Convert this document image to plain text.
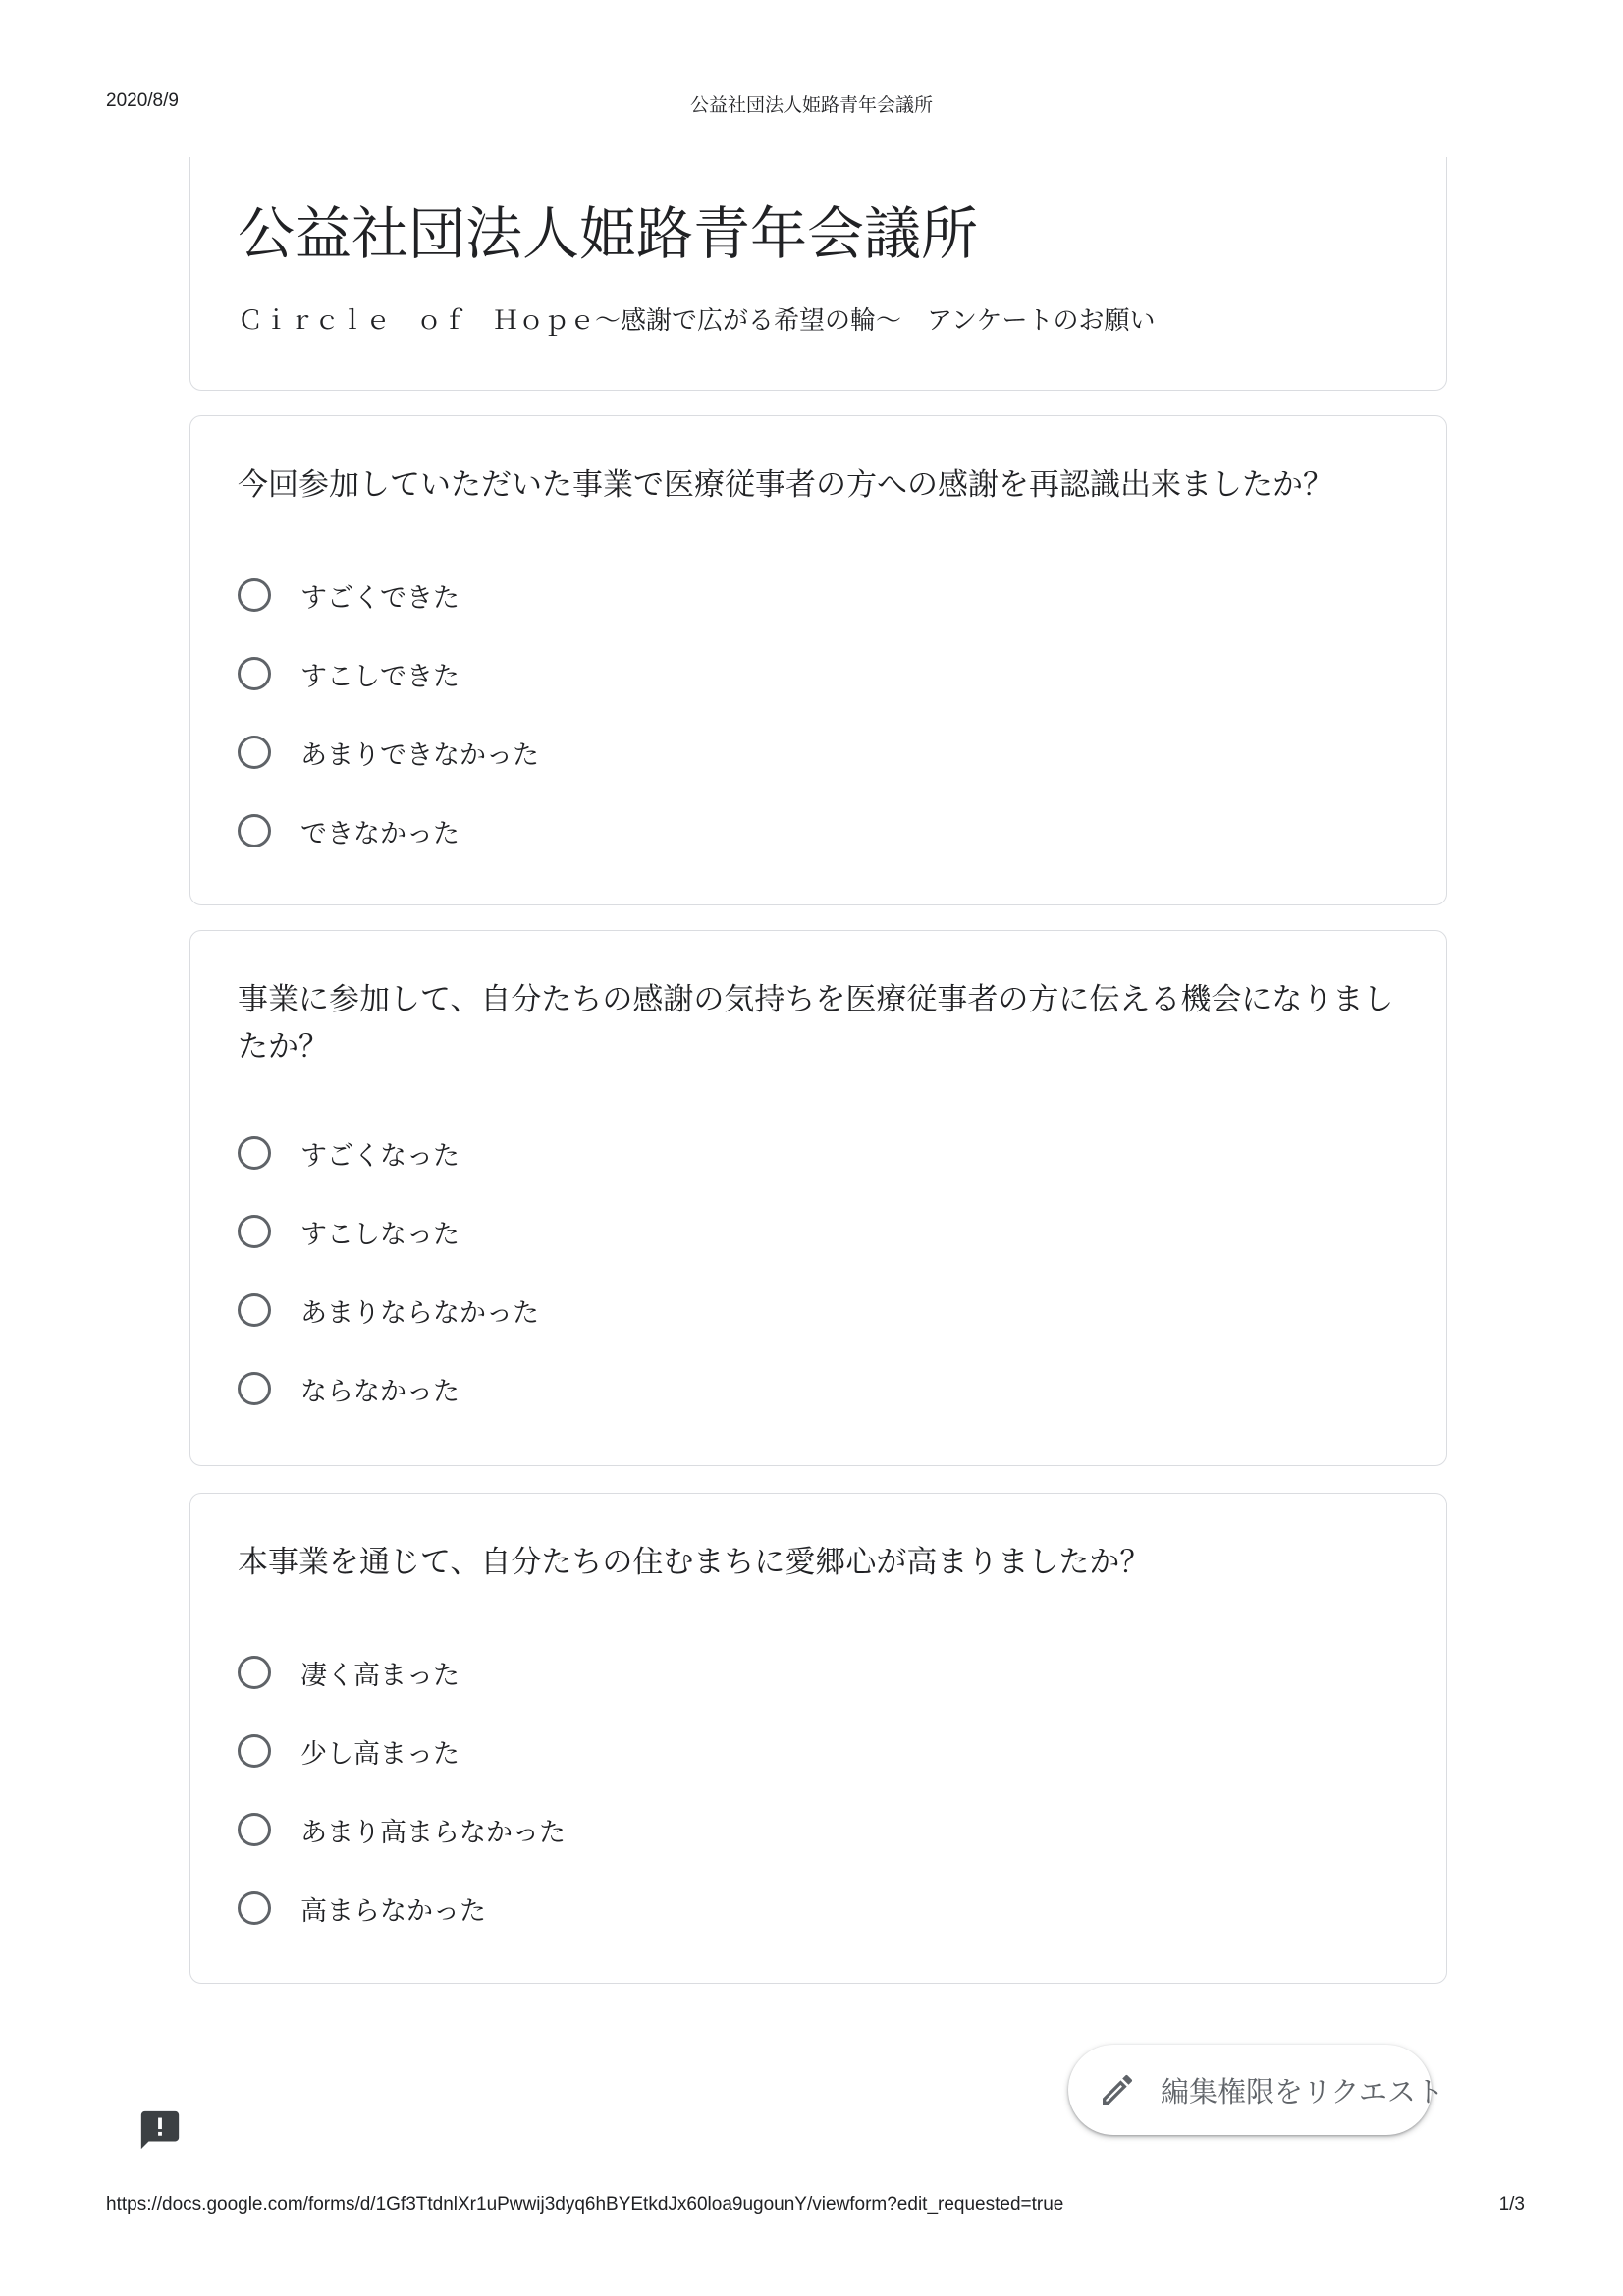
2020/8/9	公益社団法人姫路青年会議所
公益社団法人姫路青年会議所
Ｃｉｒｃｌｅ　ｏｆ　Ｈｏｐｅ～感謝で広がる希望の輪～　アンケートのお願い
今回参加していただいた事業で医療従事者の方への感謝を再認識出来ましたか？
すごくできた
すこしできた
あまりできなかった
できなかった
事業に参加して、自分たちの感謝の気持ちを医療従事者の方に伝える機会になりましたか？
すごくなった
すこしなった
あまりならなかった
ならなかった
本事業を通じて、自分たちの住むまちに愛郷心が高まりましたか？
凄く高まった
少し高まった
あまり高まらなかった
高まらなかった
編集権限をリクエスト
https://docs.google.com/forms/d/1Gf3TtdnlXr1uPwwij3dyq6hBYEtkdJx60loa9ugounY/viewform?edit_requested=true	1/3
